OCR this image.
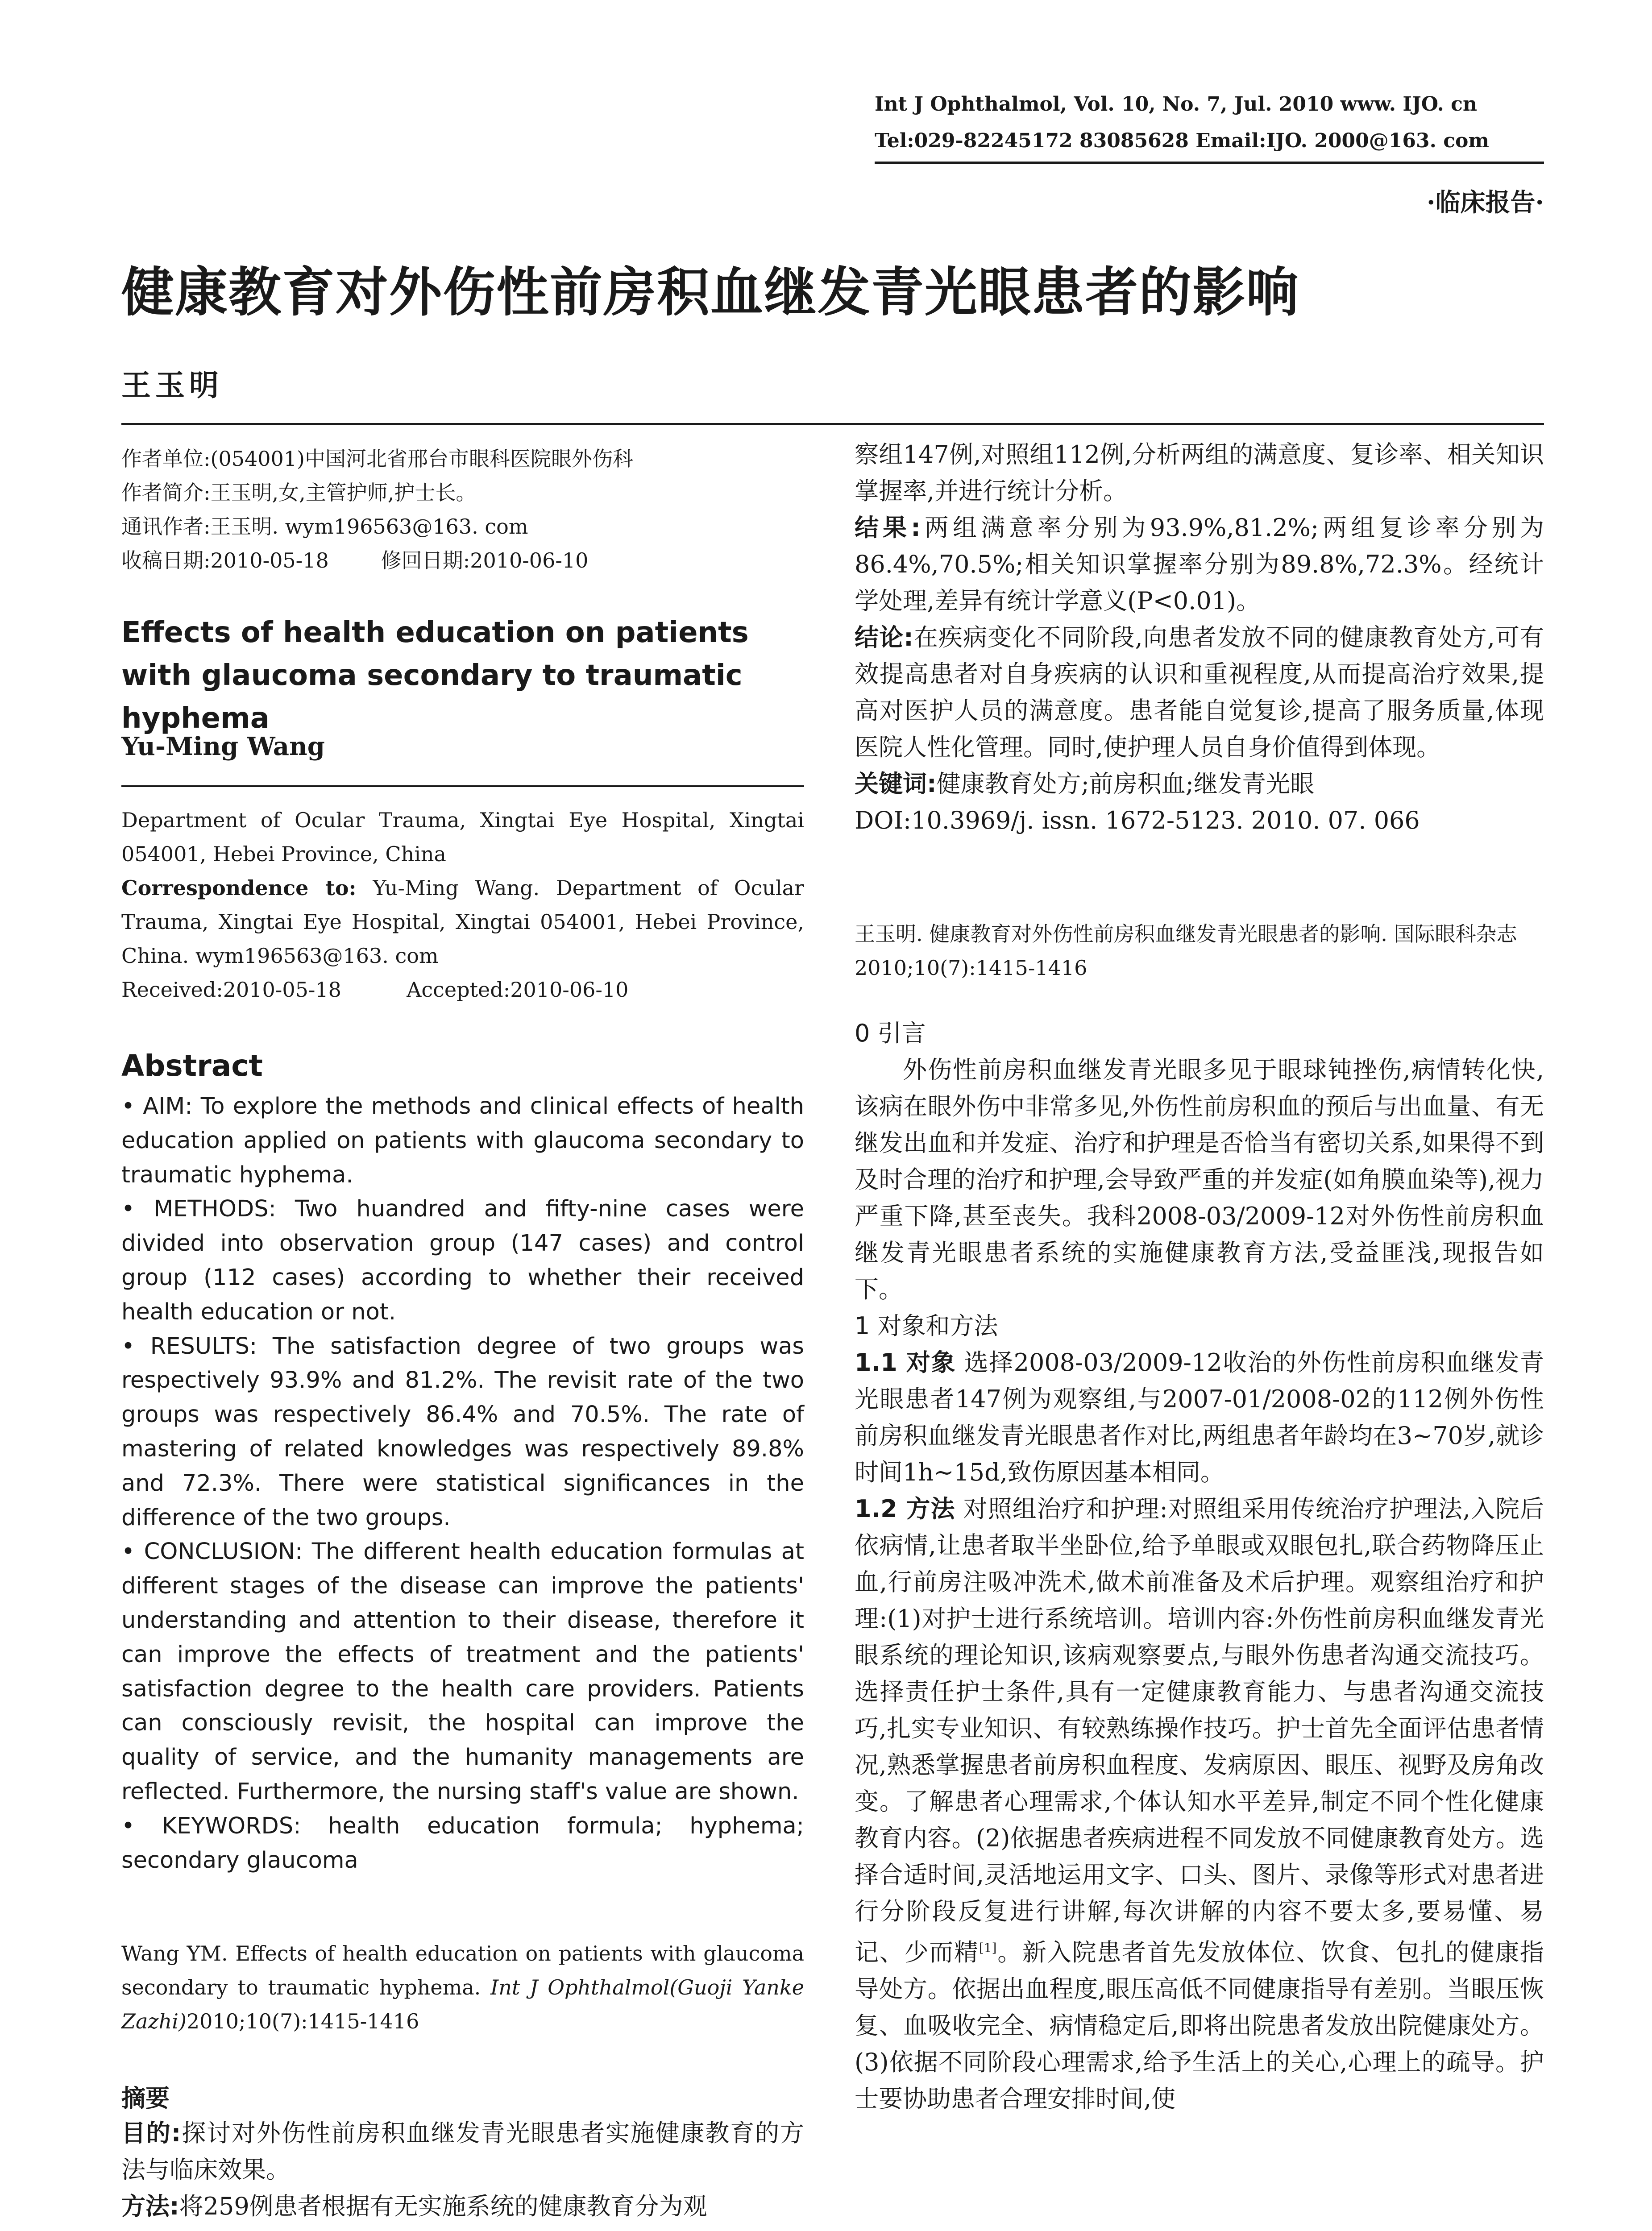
Int J Ophthalmol, Vol. 10, No. 7, Jul. 2010 www. IJO. cn
Tel:029-82245172 83085628 Email:IJO. 2000@163. com
·临床报告·
健康教育对外伤性前房积血继发青光眼患者的影响
王玉明
作者单位:(054001)中国河北省邢台市眼科医院眼外伤科
作者简介:王玉明,女,主管护师,护士长。
通讯作者:王玉明. wym196563@163. com
收稿日期:2010-05-18        修回日期:2010-06-10
Effects of health education on patients with glaucoma secondary to traumatic hyphema
Yu-Ming Wang
Department of Ocular Trauma, Xingtai Eye Hospital, Xingtai 054001, Hebei Province, China
Correspondence to: Yu-Ming Wang. Department of Ocular Trauma, Xingtai Eye Hospital, Xingtai 054001, Hebei Province, China. wym196563@163. com
Received:2010-05-18          Accepted:2010-06-10
Abstract

• AIM: To explore the methods and clinical effects of health education applied on patients with glaucoma secondary to traumatic hyphema.

• METHODS: Two huandred and fifty-nine cases were divided into observation group (147 cases) and control group (112 cases) according to whether their received health education or not.

• RESULTS: The satisfaction degree of two groups was respectively 93.9% and 81.2%. The revisit rate of the two groups was respectively 86.4% and 70.5%. The rate of mastering of related knowledges was respectively 89.8% and 72.3%. There were statistical significances in the difference of the two groups.

• CONCLUSION: The different health education formulas at different stages of the disease can improve the patients' understanding and attention to their disease, therefore it can improve the effects of treatment and the patients' satisfaction degree to the health care providers. Patients can consciously revisit, the hospital can improve the quality of service, and the humanity managements are reflected. Furthermore, the nursing staff's value are shown.

• KEYWORDS: health education formula; hyphema; secondary glaucoma

Wang YM. Effects of health education on patients with glaucoma secondary to traumatic hyphema. Int J Ophthalmol(Guoji Yanke Zazhi)2010;10(7):1415-1416
摘要

目的:探讨对外伤性前房积血继发青光眼患者实施健康教育的方法与临床效果。

方法:将259例患者根据有无实施系统的健康教育分为观

察组147例,对照组112例,分析两组的满意度、复诊率、相关知识掌握率,并进行统计分析。

结果:两组满意率分别为93.9%,81.2%;两组复诊率分别为86.4%,70.5%;相关知识掌握率分别为89.8%,72.3%。经统计学处理,差异有统计学意义(P<0.01)。

结论:在疾病变化不同阶段,向患者发放不同的健康教育处方,可有效提高患者对自身疾病的认识和重视程度,从而提高治疗效果,提高对医护人员的满意度。患者能自觉复诊,提高了服务质量,体现医院人性化管理。同时,使护理人员自身价值得到体现。

关键词:健康教育处方;前房积血;继发青光眼

DOI:10.3969/j. issn. 1672-5123. 2010. 07. 066

王玉明. 健康教育对外伤性前房积血继发青光眼患者的影响. 国际眼科杂志 2010;10(7):1415-1416

0 引言

外伤性前房积血继发青光眼多见于眼球钝挫伤,病情转化快,该病在眼外伤中非常多见,外伤性前房积血的预后与出血量、有无继发出血和并发症、治疗和护理是否恰当有密切关系,如果得不到及时合理的治疗和护理,会导致严重的并发症(如角膜血染等),视力严重下降,甚至丧失。我科2008-03/2009-12对外伤性前房积血继发青光眼患者系统的实施健康教育方法,受益匪浅,现报告如下。

1 对象和方法

1.1 对象 选择2008-03/2009-12收治的外伤性前房积血继发青光眼患者147例为观察组,与2007-01/2008-02的112例外伤性前房积血继发青光眼患者作对比,两组患者年龄均在3~70岁,就诊时间1h~15d,致伤原因基本相同。

1.2 方法 对照组治疗和护理:对照组采用传统治疗护理法,入院后依病情,让患者取半坐卧位,给予单眼或双眼包扎,联合药物降压止血,行前房注吸冲洗术,做术前准备及术后护理。观察组治疗和护理:(1)对护士进行系统培训。培训内容:外伤性前房积血继发青光眼系统的理论知识,该病观察要点,与眼外伤患者沟通交流技巧。选择责任护士条件,具有一定健康教育能力、与患者沟通交流技巧,扎实专业知识、有较熟练操作技巧。护士首先全面评估患者情况,熟悉掌握患者前房积血程度、发病原因、眼压、视野及房角改变。了解患者心理需求,个体认知水平差异,制定不同个性化健康教育内容。(2)依据患者疾病进程不同发放不同健康教育处方。选择合适时间,灵活地运用文字、口头、图片、录像等形式对患者进行分阶段反复进行讲解,每次讲解的内容不要太多,要易懂、易记、少而精[1]。新入院患者首先发放体位、饮食、包扎的健康指导处方。依据出血程度,眼压高低不同健康指导有差别。当眼压恢复、血吸收完全、病情稳定后,即将出院患者发放出院健康处方。(3)依据不同阶段心理需求,给予生活上的关心,心理上的疏导。护士要协助患者合理安排时间,使
